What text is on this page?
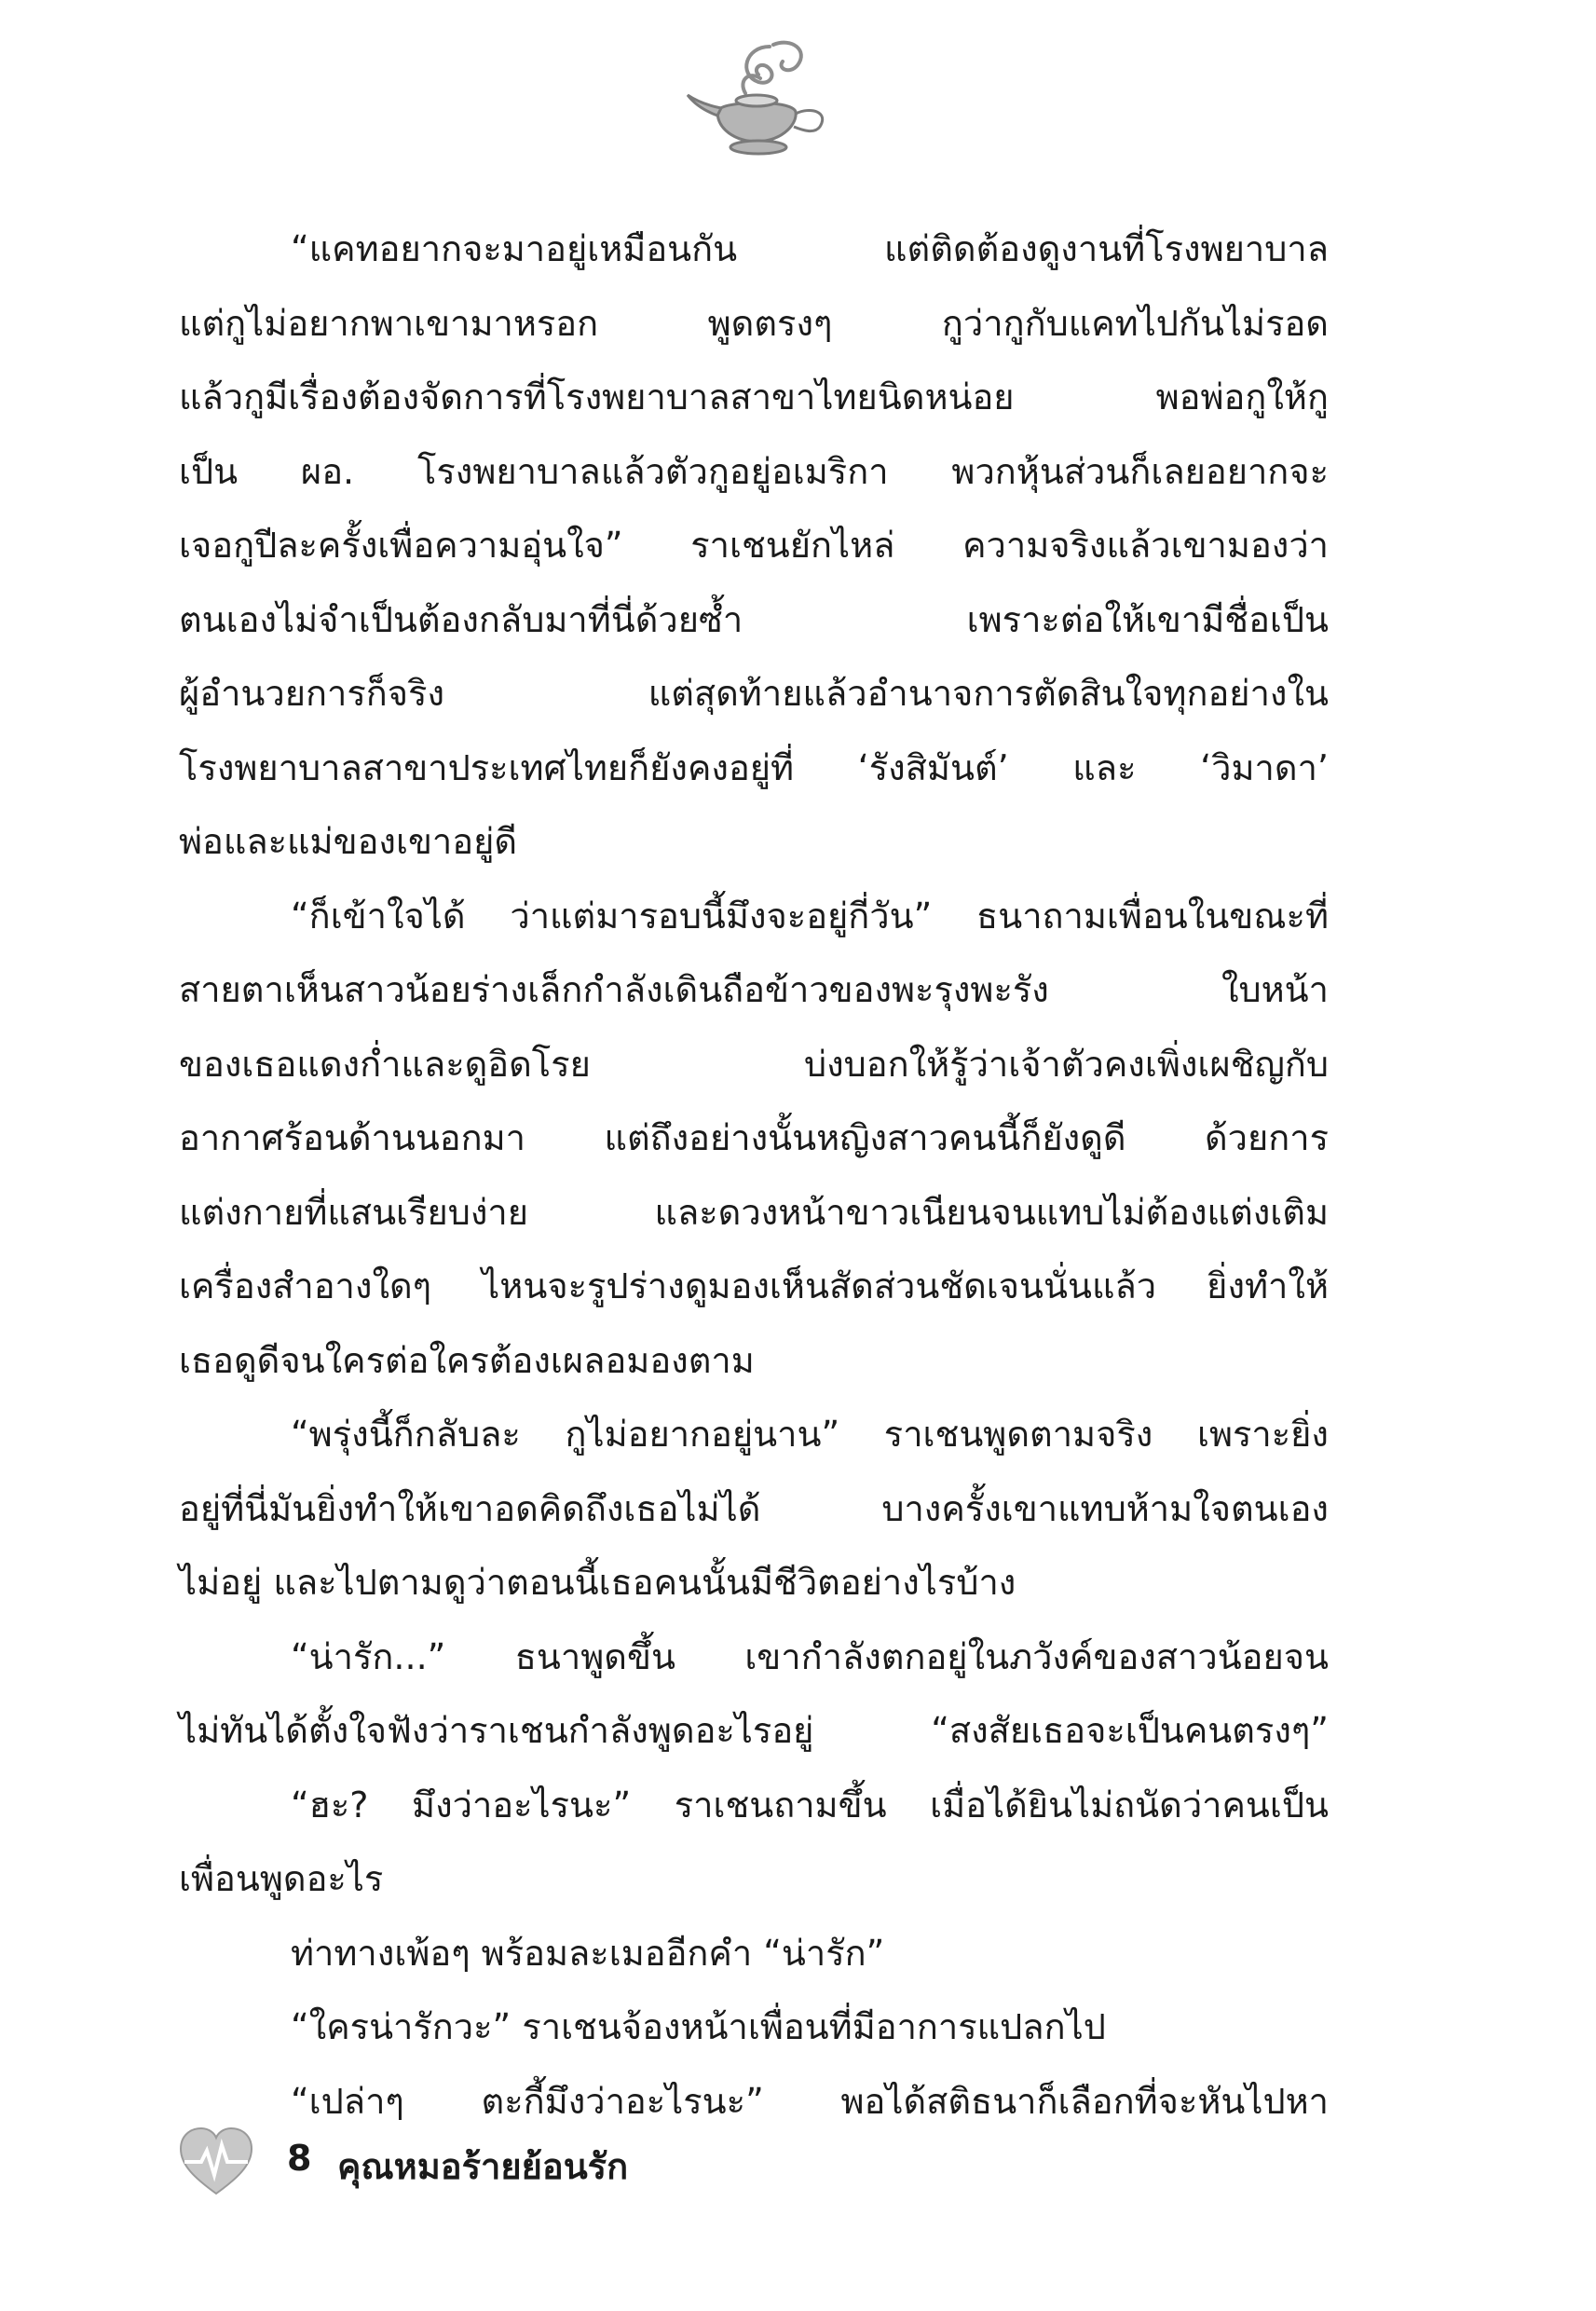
“แคทอยากจะมาอยู่เหมือนกัน แต่ติดต้องดูงานที่โรงพยาบาล
แต่กูไม่อยากพาเขามาหรอก พูดตรงๆ กูว่ากูกับแคทไปกันไม่รอด
แล้วกูมีเรื่องต้องจัดการที่โรงพยาบาลสาขาไทยนิดหน่อย พอพ่อกูให้กู
เป็น ผอ. โรงพยาบาลแล้วตัวกูอยู่อเมริกา พวกหุ้นส่วนก็เลยอยากจะ
เจอกูปีละครั้งเพื่อความอุ่นใจ” ราเชนยักไหล่ ความจริงแล้วเขามองว่า
ตนเองไม่จำเป็นต้องกลับมาที่นี่ด้วยซ้ำ เพราะต่อให้เขามีชื่อเป็น
ผู้อำนวยการก็จริง แต่สุดท้ายแล้วอำนาจการตัดสินใจทุกอย่างใน
โรงพยาบาลสาขาประเทศไทยก็ยังคงอยู่ที่ ‘รังสิมันต์’ และ ‘วิมาดา’
พ่อและแม่ของเขาอยู่ดี
“ก็เข้าใจได้ ว่าแต่มารอบนี้มึงจะอยู่กี่วัน” ธนาถามเพื่อนในขณะที่
สายตาเห็นสาวน้อยร่างเล็กกำลังเดินถือข้าวของพะรุงพะรัง ใบหน้า
ของเธอแดงก่ำและดูอิดโรย บ่งบอกให้รู้ว่าเจ้าตัวคงเพิ่งเผชิญกับ
อากาศร้อนด้านนอกมา แต่ถึงอย่างนั้นหญิงสาวคนนี้ก็ยังดูดี ด้วยการ
แต่งกายที่แสนเรียบง่าย และดวงหน้าขาวเนียนจนแทบไม่ต้องแต่งเติม
เครื่องสำอางใดๆ ไหนจะรูปร่างดูมองเห็นสัดส่วนชัดเจนนั่นแล้ว ยิ่งทำให้
เธอดูดีจนใครต่อใครต้องเผลอมองตาม
“พรุ่งนี้ก็กลับละ กูไม่อยากอยู่นาน” ราเชนพูดตามจริง เพราะยิ่ง
อยู่ที่นี่มันยิ่งทำให้เขาอดคิดถึงเธอไม่ได้ บางครั้งเขาแทบห้ามใจตนเอง
ไม่อยู่ และไปตามดูว่าตอนนี้เธอคนนั้นมีชีวิตอย่างไรบ้าง
“น่ารัก...” ธนาพูดขึ้น เขากำลังตกอยู่ในภวังค์ของสาวน้อยจน
ไม่ทันได้ตั้งใจฟังว่าราเชนกำลังพูดอะไรอยู่ “สงสัยเธอจะเป็นคนตรงๆ”
“ฮะ? มึงว่าอะไรนะ” ราเชนถามขึ้น เมื่อได้ยินไม่ถนัดว่าคนเป็น
เพื่อนพูดอะไร
ท่าทางเพ้อๆ พร้อมละเมออีกคำ “น่ารัก”
“ใครน่ารักวะ” ราเชนจ้องหน้าเพื่อนที่มีอาการแปลกไป
“เปล่าๆ ตะกี้มึงว่าอะไรนะ” พอได้สติธนาก็เลือกที่จะหันไปหา
8 คุณหมอร้ายย้อนรัก
